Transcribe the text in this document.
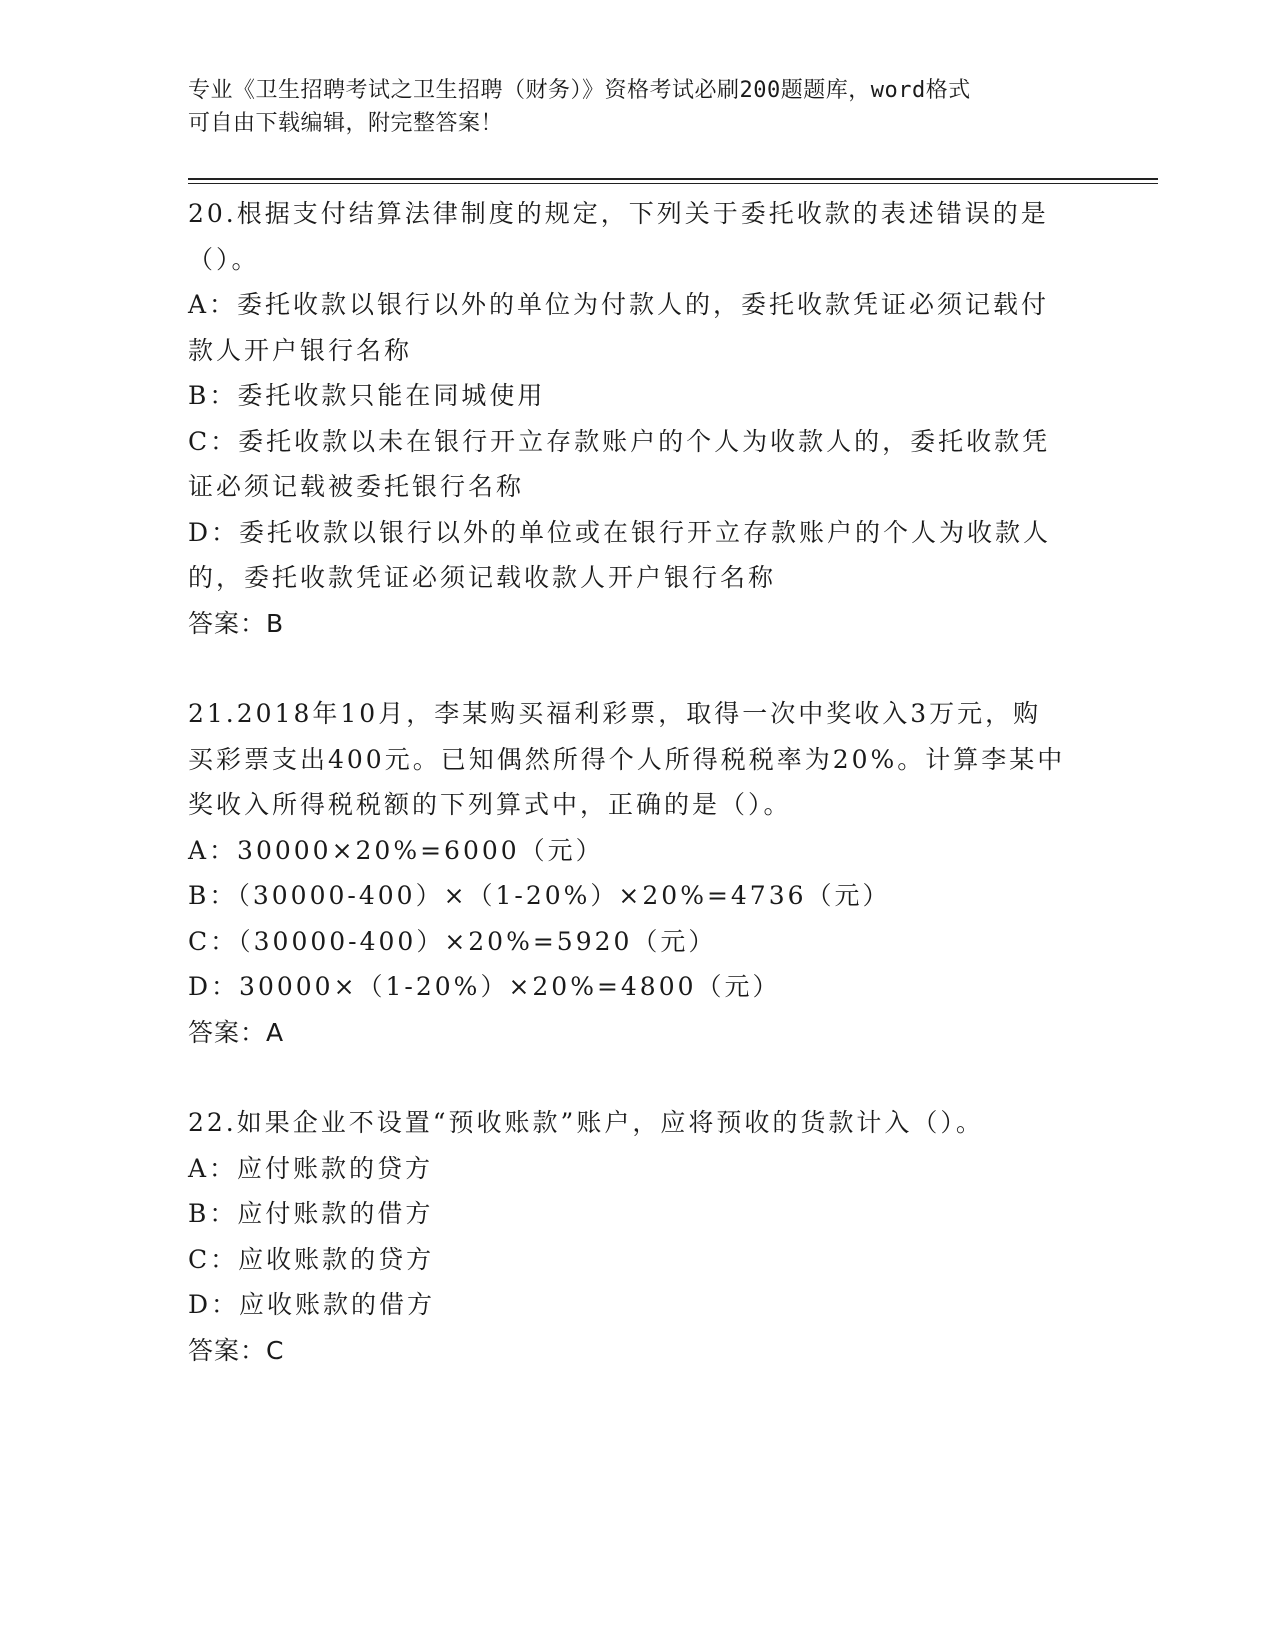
专业《卫生招聘考试之卫生招聘（财务）》资格考试必刷200题题库，word格式
可自由下载编辑，附完整答案！
20.根据支付结算法律制度的规定，下列关于委托收款的表述错误的是
（）。
A：委托收款以银行以外的单位为付款人的，委托收款凭证必须记载付
款人开户银行名称
B：委托收款只能在同城使用
C：委托收款以未在银行开立存款账户的个人为收款人的，委托收款凭
证必须记载被委托银行名称
D：委托收款以银行以外的单位或在银行开立存款账户的个人为收款人
的，委托收款凭证必须记载收款人开户银行名称
答案：B
21.2018年10月，李某购买福利彩票，取得一次中奖收入3万元，购
买彩票支出400元。已知偶然所得个人所得税税率为20%。计算李某中
奖收入所得税税额的下列算式中，正确的是（）。
A：30000×20%=6000（元）
B：（30000-400）×（1-20%）×20%=4736（元）
C：（30000-400）×20%=5920（元）
D：30000×（1-20%）×20%=4800（元）
答案：A
22.如果企业不设置“预收账款”账户，应将预收的货款计入（）。
A：应付账款的贷方
B：应付账款的借方
C：应收账款的贷方
D：应收账款的借方
答案：C
